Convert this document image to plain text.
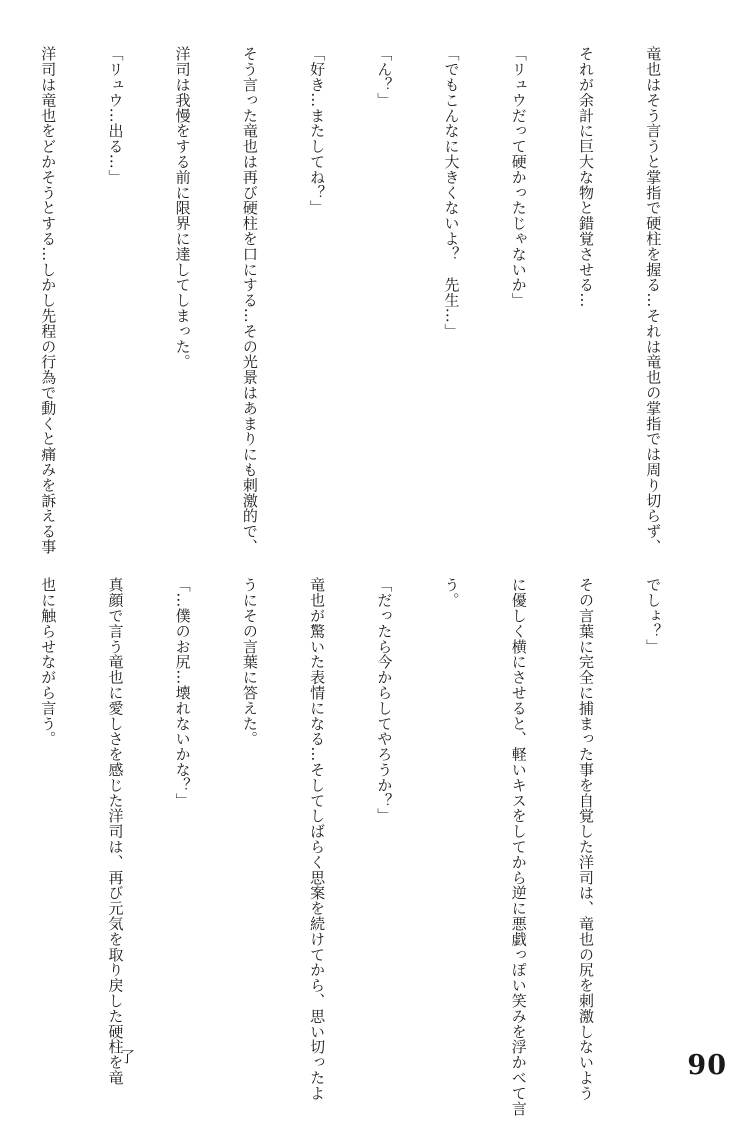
竜也はそう言うと掌指で硬柱を握る…それは竜也の掌指では周り切らず、

それが余計に巨大な物と錯覚させる…

「リュウだって硬かったじゃないか」

「でもこんなに大きくないよ？　先生…」

「ん？」

「好き…またしてね？」

そう言った竜也は再び硬柱を口にする…その光景はあまりにも刺激的で、

洋司は我慢をする前に限界に達してしまった。

「リュウ…出る…」

洋司は竜也をどかそうとする…しかし先程の行為で動くと痛みを訴える事

でしょ？」

その言葉に完全に捕まった事を自覚した洋司は、竜也の尻を刺激しないよう

に優しく横にさせると、軽いキスをしてから逆に悪戯っぽい笑みを浮かべて言

う。

「だったら今からしてやろうか？」

竜也が驚いた表情になる…そしてしばらく思案を続けてから、思い切ったよ

うにその言葉に答えた。

「…僕のお尻…壊れないかな？」

真顔で言う竜也に愛しさを感じた洋司は、再び元気を取り戻した硬柱を竜

也に触らせながら言う。

了	90
